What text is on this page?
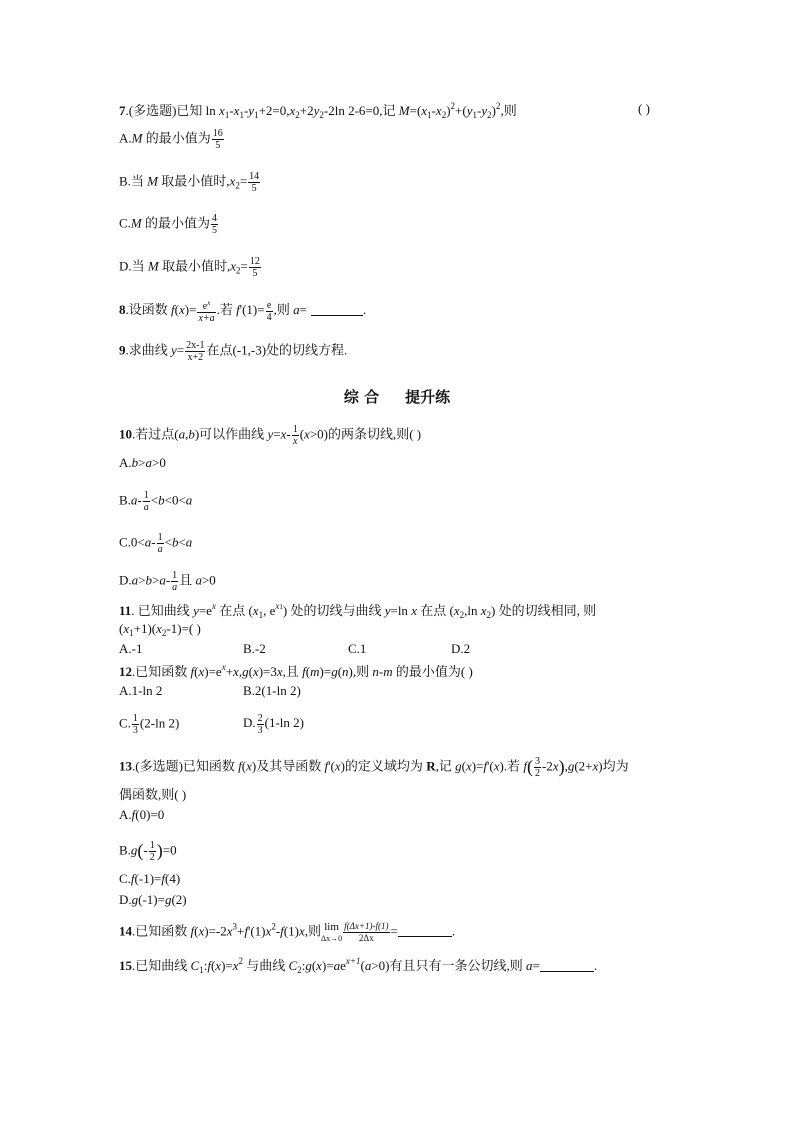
7.(多选题)已知 $\ln x_1-x_1-y_1+2=0,x_2+2y_2-2\ln$ 2-6=0,记 $M=(x_1-x_2)^2+(y_1-y_2)^2$,则	( )
A.M 的最小值为 $\frac{16}{5}$
B.当 M 取最小值时$,x_2= \frac{14}{5}$
C.M 的最小值为 $\frac{4}{5}$
D.当 M 取最小值时$,x_2= \frac{12}{5}$
8.设函数 $f(x)= \frac{e^x}{x+a}$ .若 $f'(1)= \frac{e}{4}$ ,则 a=	.
9.求曲线 $y= \frac{2x-1}{x+2}$ 在点(-1,-3)处的切线方程.
综 合 提升练
10.若过点(a,b)可以作曲线 $y=x- \frac{1}{x} (x>0)$的两条切线,则( )
A.b>a>0
$B.a- \frac{1}{a} <b<0<a$
$C.0<a- \frac{1}{a} <b<a$
$D.a>b>a- \frac{1}{a}$ 且 a>0
11. 已知曲线 $y=e^x$ 在点 ($x_1$, $e^{x1}$) 处的切线与曲线 y=ln x 在点 ($x_2,\ln$ $x_2$) 处的切线相同, 则
$(x_1+1)(x_2-1)=$( )
A.-1	B.-2	C.1	D.2
12.已知函数 $f(x)=e^x+x,g(x)=3x$,且 f(m)=g(n),则 n-m 的最小值为( )
A.1-ln 2	B.2(1-ln 2)
C. $\frac{1}{3} (2-\ln$ 2)	D. $\frac{2}{3} (1-\ln$ 2)
13.(多选题)已知函数 f(x)及其导函数 f'(x)的定义域均为 R,记 g(x)=f'(x).若 $f( \frac{3}{2} -2x),g(2+x)$均为
偶函数,则( )
A.f(0)=0
$B.g(- \frac{1}{2} )=0$
C.f(-1)=f(4)
D.g(-1)=g(2)
14.已知函数 $f(x)=-2x^3+f'(1)x^2-f(1)x$,则 lim
$\Delta x\to 0 \frac{f(\Delta x+1)-f(1)}{2\Delta x}$ =	.
15.已知曲线 $C_1:f(x)=x^2$ 与曲线 $C_2:g(x)=ae^{x+1}(a>0)$有且只有一条公切线,则 a=	.
